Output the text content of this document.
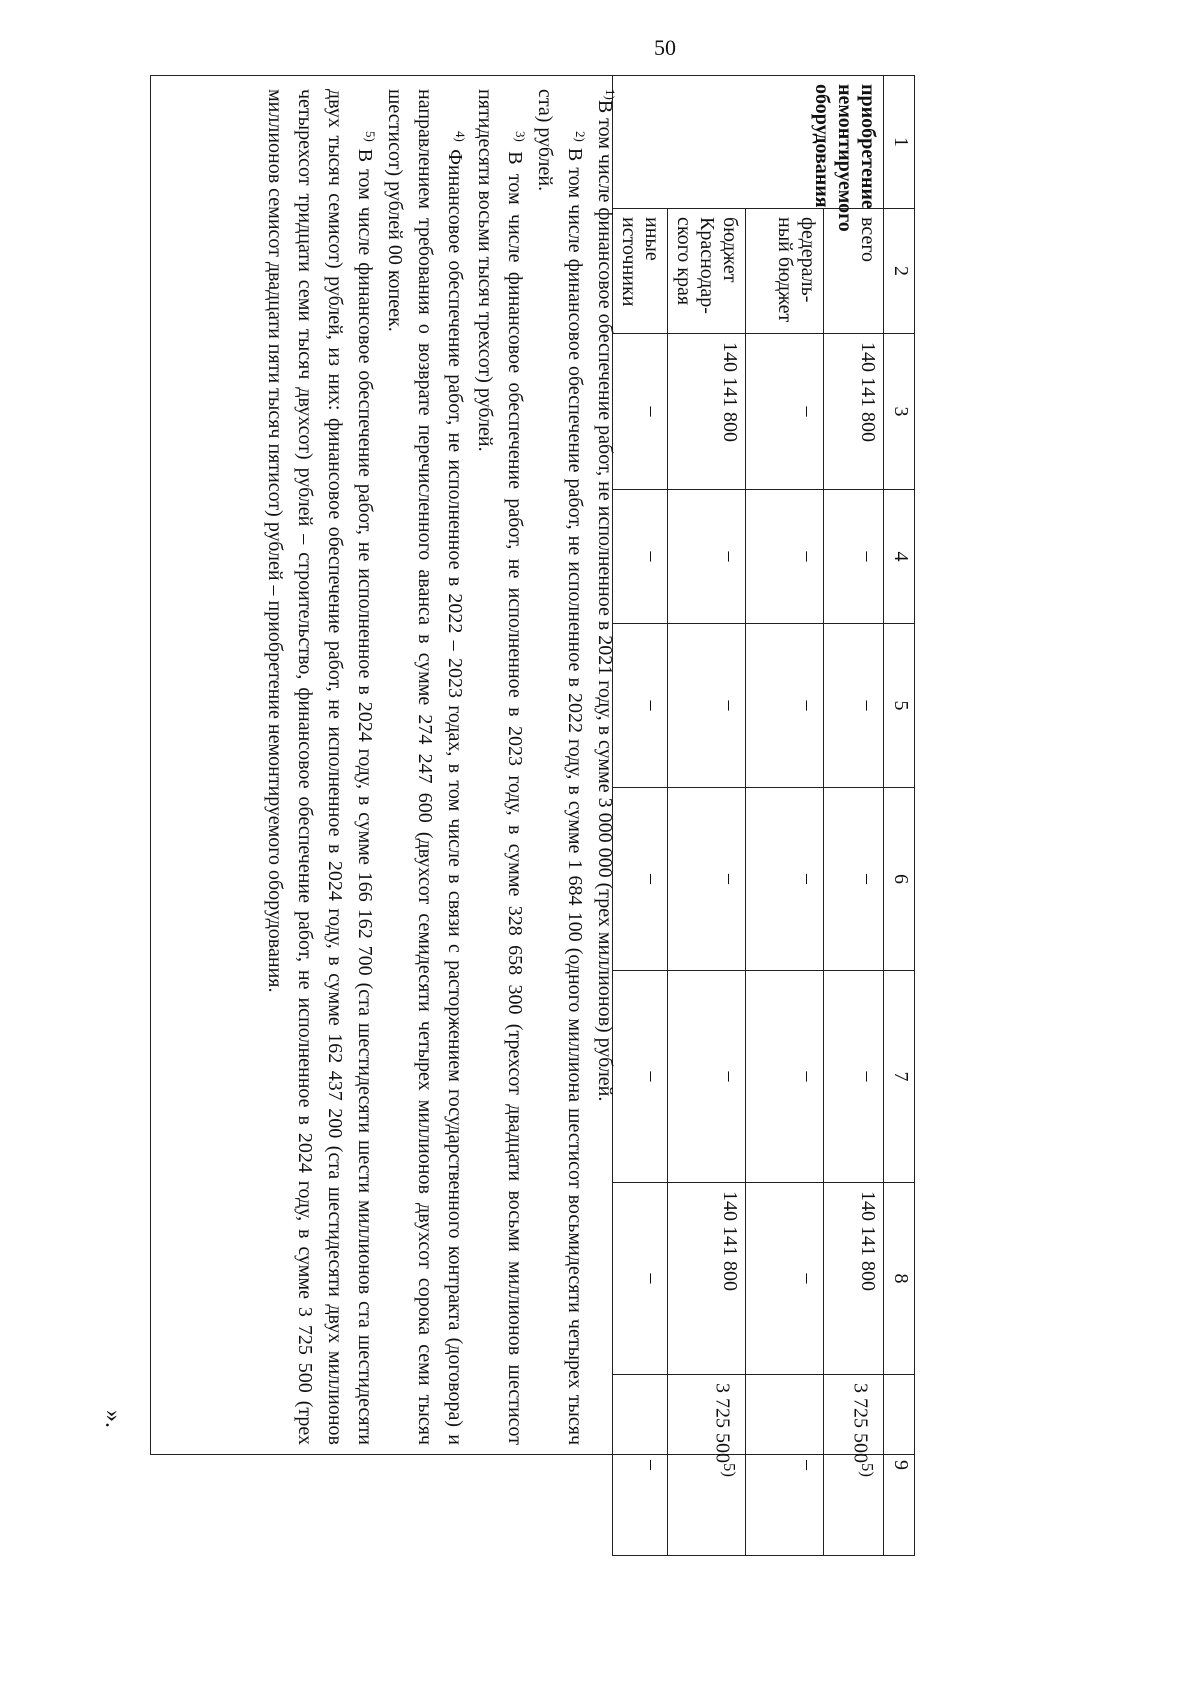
50
1	2	3	4	5	6	7	8	9
приобретение немонтируемого оборудования	всего	140 141 800	–	–	–	–	140 141 800	3 725 500$^{5)}$
	федераль-ный бюджет	–	–	–	–	–	–	–
	бюджет Краснодар-ского края	140 141 800	–	–	–	–	140 141 800	3 725 500$^{5)}$
	иные источники	–	–	–	–	–	–	–

$^{1)}$В том числе финансовое обеспечение работ, не исполненное в 2021 году, в сумме 3 000 000 (трех миллионов) рублей.

$^{2)}$ В том числе финансовое обеспечение работ, не исполненное в 2022 году, в сумме 1 684 100 (одного миллиона шестисот восьмидесяти четырех тысяч ста) рублей.

$^{3)}$ В том числе финансовое обеспечение работ, не исполненное в 2023 году, в сумме 328 658 300 (трехсот двадцати восьми миллионов шестисот пятидесяти восьми тысяч трехсот) рублей.

$^{4)}$ Финансовое обеспечение работ, не исполненное в 2022 – 2023 годах, в том числе в связи с расторжением государственного контракта (договора) и направлением требования о возврате перечисленного аванса в сумме 274 247 600 (двухсот семидесяти четырех миллионов двухсот сорока семи тысяч шестисот) рублей 00 копеек.

$^{5)}$ В том числе финансовое обеспечение работ, не исполненное в 2024 году, в сумме 166 162 700 (ста шестидесяти шести миллионов ста шестидесяти двух тысяч семисот) рублей, из них: финансовое обеспечение работ, не исполненное в 2024 году, в сумме 162 437 200 (ста шестидесяти двух миллионов четырехсот тридцати семи тысяч двухсот) рублей – строительство, финансовое обеспечение работ, не исполненное в 2024 году, в сумме 3 725 500 (трех миллионов семисот двадцати пяти тысяч пятисот) рублей – приобретение немонтируемого оборудования.

».
